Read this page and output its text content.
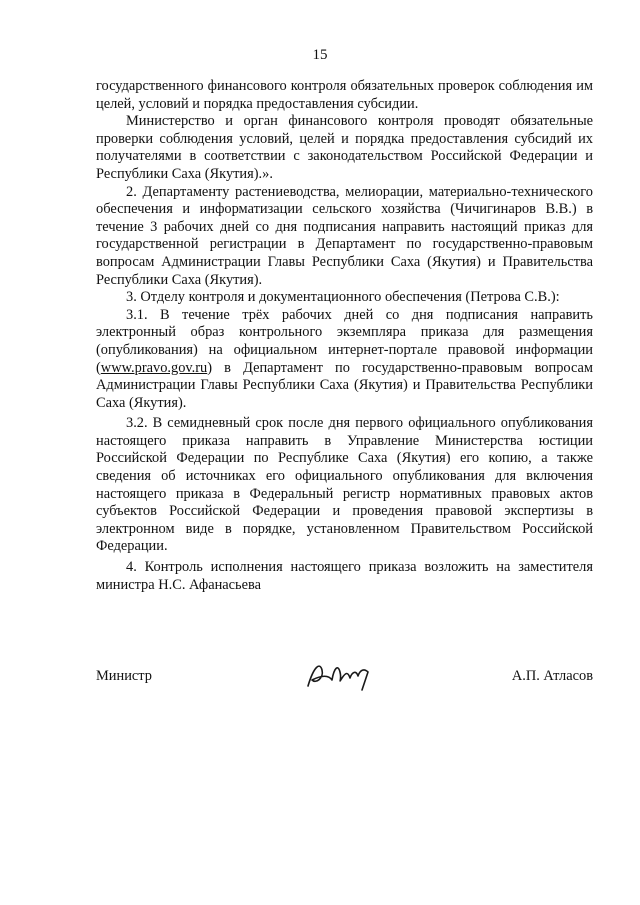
15

государственного финансового контроля обязательных проверок соблюдения им целей, условий и порядка предоставления субсидии.

Министерство и орган финансового контроля проводят обязательные проверки соблюдения условий, целей и порядка предоставления субсидий их получателями в соответствии с законодательством Российской Федерации и Республики Саха (Якутия).».

2. Департаменту растениеводства, мелиорации, материально-технического обеспечения и информатизации сельского хозяйства (Чичигинаров В.В.) в течение 3 рабочих дней со дня подписания направить настоящий приказ для государственной регистрации в Департамент по государственно-правовым вопросам Администрации Главы Республики Саха (Якутия) и Правительства Республики Саха (Якутия).

3. Отделу контроля и документационного обеспечения (Петрова С.В.):

3.1. В течение трёх рабочих дней со дня подписания направить электронный образ контрольного экземпляра приказа для размещения (опубликования) на официальном интернет-портале правовой информации (www.pravo.gov.ru) в Департамент по государственно-правовым вопросам Администрации Главы Республики Саха (Якутия) и Правительства Республики Саха (Якутия).

3.2. В семидневный срок после дня первого официального опубликования настоящего приказа направить в Управление Министерства юстиции Российской Федерации по Республике Саха (Якутия) его копию, а также сведения об источниках его официального опубликования для включения настоящего приказа в Федеральный регистр нормативных правовых актов субъектов Российской Федерации и проведения правовой экспертизы в электронном виде в порядке, установленном Правительством Российской Федерации.

4. Контроль исполнения настоящего приказа возложить на заместителя министра Н.С. Афанасьева

Министр	А.П. Атласов
